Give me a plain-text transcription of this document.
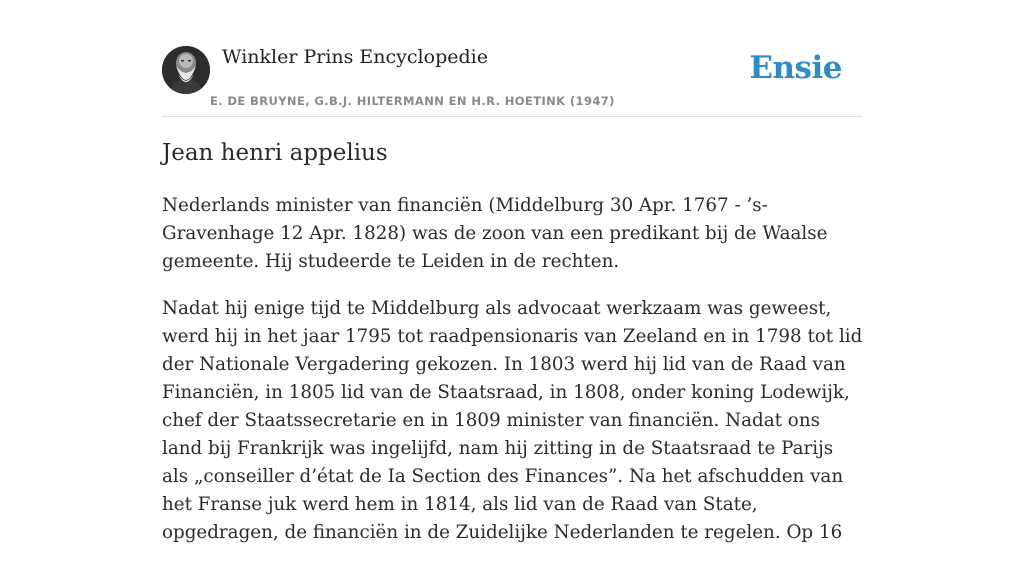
Winkler Prins Encyclopedie
E. DE BRUYNE, G.B.J. HILTERMANN EN H.R. HOETINK (1947)
Ensie
Jean henri appelius

Nederlands minister van financiën (Middelburg 30 Apr. 1767 - ’s-Gravenhage 12 Apr. 1828) was de zoon van een predikant bij de Waalse gemeente. Hij studeerde te Leiden in de rechten.

Nadat hij enige tijd te Middelburg als advocaat werkzaam was geweest, werd hij in het jaar 1795 tot raadpensionaris van Zeeland en in 1798 tot lid der Nationale Vergadering gekozen. In 1803 werd hij lid van de Raad van Financiën, in 1805 lid van de Staatsraad, in 1808, onder koning Lodewijk, chef der Staatssecretarie en in 1809 minister van financiën. Nadat ons land bij Frankrijk was ingelijfd, nam hij zitting in de Staatsraad te Parijs als „conseiller d’état de Ia Section des Finances”. Na het afschudden van het Franse juk werd hem in 1814, als lid van de Raad van State, opgedragen, de financiën in de Zuidelijke Nederlanden te regelen. Op 16
